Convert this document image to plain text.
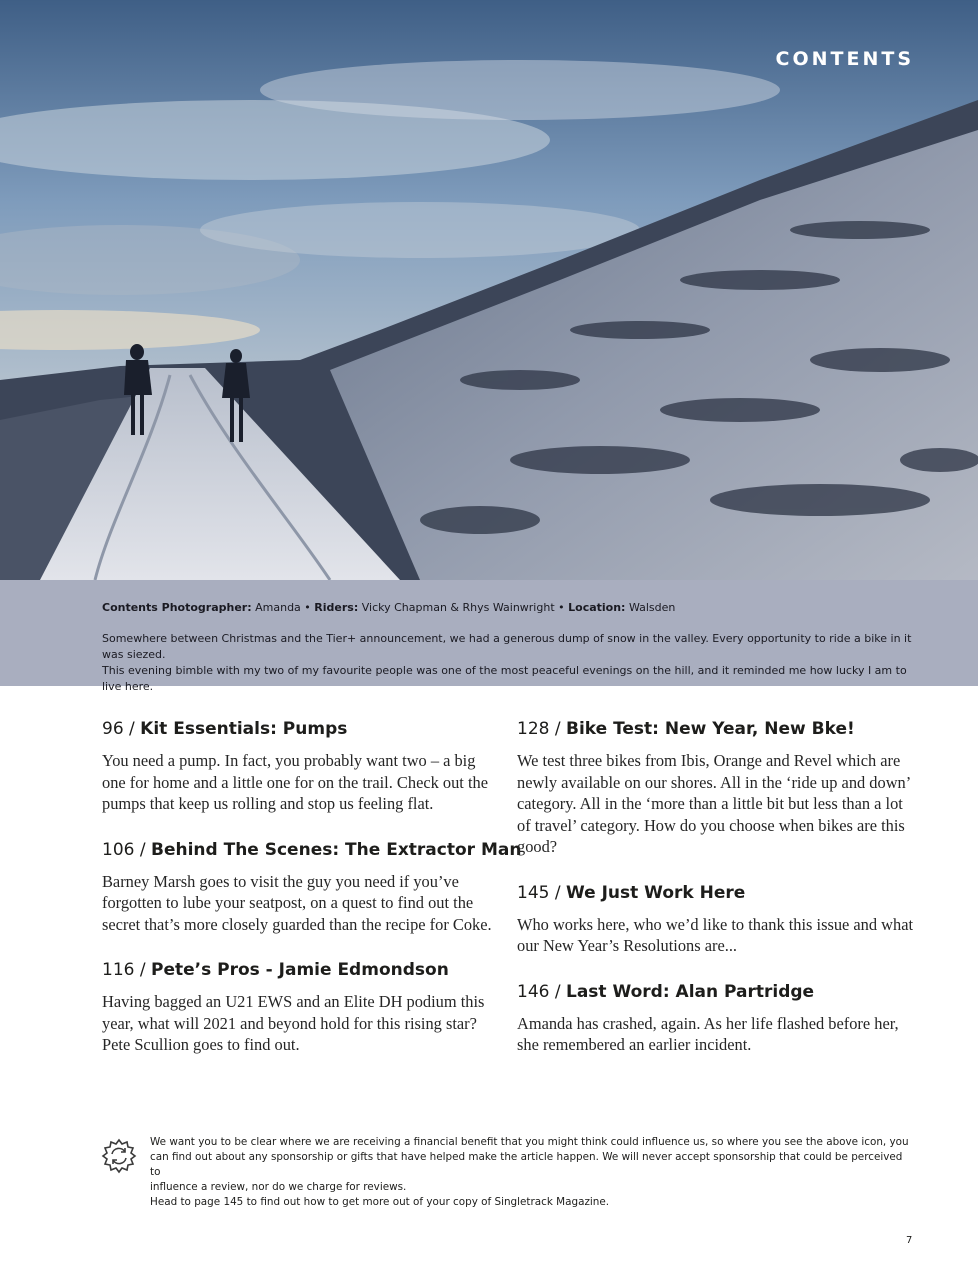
CONTENTS
Contents Photographer: Amanda • Riders: Vicky Chapman & Rhys Wainwright • Location: Walsden
Somewhere between Christmas and the Tier+ announcement, we had a generous dump of snow in the valley. Every opportunity to ride a bike in it was siezed.
This evening bimble with my two of my favourite people was one of the most peaceful evenings on the hill, and it reminded me how lucky I am to live here.
96 / Kit Essentials: Pumps

You need a pump. In fact, you probably want two – a big one for home and a little one for on the trail. Check out the pumps that keep us rolling and stop us feeling flat.

106 / Behind The Scenes: The Extractor Man

Barney Marsh goes to visit the guy you need if you’ve forgotten to lube your seatpost, on a quest to find out the secret that’s more closely guarded than the recipe for Coke.

116 / Pete’s Pros - Jamie Edmondson

Having bagged an U21 EWS and an Elite DH podium this year, what will 2021 and beyond hold for this rising star? Pete Scullion goes to find out.

128 / Bike Test: New Year, New Bke!

We test three bikes from Ibis, Orange and Revel which are newly available on our shores. All in the ‘ride up and down’ category. All in the ‘more than a little bit but less than a lot of travel’ category. How do you choose when bikes are this good?

145 / We Just Work Here

Who works here, who we’d like to thank this issue and what our New Year’s Resolutions are...

146 / Last Word: Alan Partridge

Amanda has crashed, again. As her life flashed before her, she remembered an earlier incident.

We want you to be clear where we are receiving a financial benefit that you might think could influence us, so where you see the above icon, you
can find out about any sponsorship or gifts that have helped make the article happen. We will never accept sponsorship that could be perceived to
influence a review, nor do we charge for reviews.
Head to page 145 to find out how to get more out of your copy of Singletrack Magazine.
7
